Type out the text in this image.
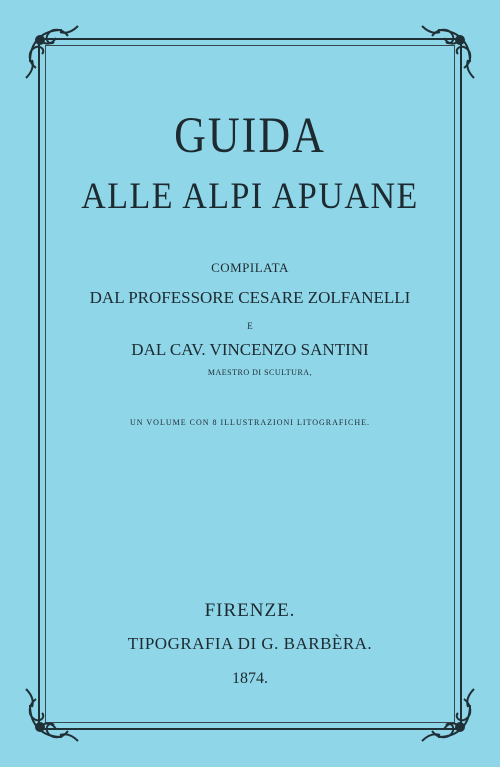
GUIDA
ALLE ALPI APUANE
COMPILATA
DAL PROFESSORE CESARE ZOLFANELLI
E
DAL CAV. VINCENZO SANTINI
MAESTRO DI SCULTURA,
UN VOLUME CON 8 ILLUSTRAZIONI LITOGRAFICHE.
FIRENZE.
TIPOGRAFIA DI G. BARBÈRA.
1874.
